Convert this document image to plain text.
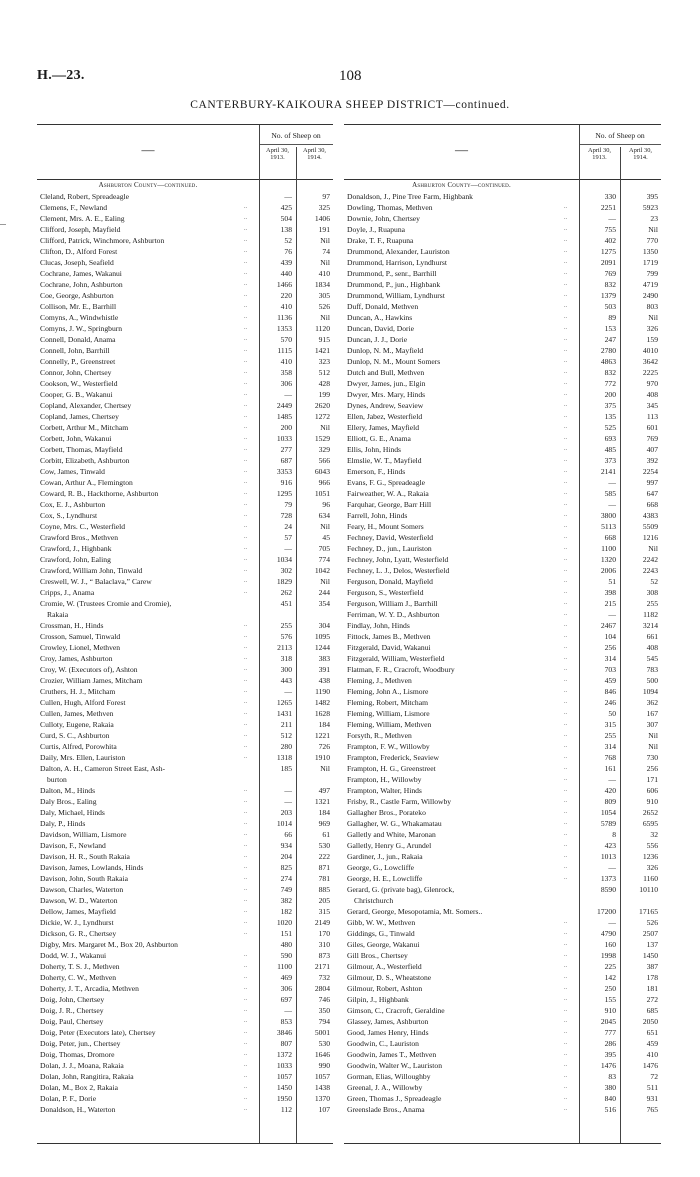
H.—23.	108
CANTERBURY-KAIKOURA SHEEP DISTRICT—continued.
—
No. of Sheep on
April 30,
1913.
April 30,
1914.
Ashburton County—continued.
Cleland, Robert, Spreadeagle	—	97
Clemens, F., Newland	..	425	325
Clement, Mrs. A. E., Ealing	..	504	1406
Clifford, Joseph, Mayfield	..	138	191
Clifford, Patrick, Winchmore, Ashburton	..	52	Nil
Clifton, D., Alford Forest	..	76	74
Clucas, Joseph, Seafield	..	439	Nil
Cochrane, James, Wakanui	..	440	410
Cochrane, John, Ashburton	..	1466	1834
Coe, George, Ashburton	..	220	305
Collison, Mr. E., Barrhill	..	410	526
Comyns, A., Windwhistle	..	1136	Nil
Comyns, J. W., Springburn	..	1353	1120
Connell, Donald, Anama	..	570	915
Connell, John, Barrhill	..	1115	1421
Connelly, P., Greenstreet	..	410	323
Connor, John, Chertsey	..	358	512
Cookson, W., Westerfield	..	306	428
Cooper, G. B., Wakanui	..	—	199
Copland, Alexander, Chertsey	..	2449	2620
Copland, James, Chertsey	..	1485	1272
Corbett, Arthur M., Mitcham	..	200	Nil
Corbett, John, Wakanui	..	1033	1529
Corbett, Thomas, Mayfield	..	277	329
Corbitt, Elizabeth, Ashburton	..	687	566
Cow, James, Tinwald	..	3353	6043
Cowan, Arthur A., Flemington	..	916	966
Coward, R. B., Hackthorne, Ashburton	..	1295	1051
Cox, E. J., Ashburton	..	79	96
Cox, S., Lyndhurst	..	728	634
Coyne, Mrs. C., Westerfield	..	24	Nil
Crawford Bros., Methven	..	57	45
Crawford, J., Highbank	..	—	705
Crawford, John, Ealing	..	1034	774
Crawford, William John, Tinwald	..	302	1042
Creswell, W. J., “ Balaclava,” Carew	..	1829	Nil
Cripps, J., Anama	..	262	244
Cromie, W. (Trustees Cromie and Cromie),	451	354
Rakaia
Crossman, H., Hinds	..	255	304
Crosson, Samuel, Tinwald	..	576	1095
Crowley, Lionel, Methven	..	2113	1244
Croy, James, Ashburton	..	318	383
Croy, W. (Executors of), Ashton	..	300	391
Crozier, William James, Mitcham	..	443	438
Cruthers, H. J., Mitcham	..	—	1190
Cullen, Hugh, Alford Forest	..	1265	1482
Cullen, James, Methven	..	1431	1628
Culloty, Eugene, Rakaia	..	211	184
Curd, S. C., Ashburton	..	512	1221
Curtis, Alfred, Porowhita	..	280	726
Daily, Mrs. Ellen, Lauriston	..	1318	1910
Dalton, A. H., Cameron Street East, Ash-	185	Nil
burton
Dalton, M., Hinds	..	—	497
Daly Bros., Ealing	..	—	1321
Daly, Michael, Hinds	..	203	184
Daly, P., Hinds	..	1014	969
Davidson, William, Lismore	..	66	61
Davison, F., Newland	..	934	530
Davison, H. R., South Rakaia	..	204	222
Davison, James, Lowlands, Hinds	..	825	871
Davison, John, South Rakaia	..	274	781
Dawson, Charles, Waterton	..	749	885
Dawson, W. D., Waterton	..	382	205
Dellow, James, Mayfield	..	182	315
Dickie, W. J., Lyndhurst	..	1020	2149
Dickson, G. R., Chertsey	..	151	170
Digby, Mrs. Margaret M., Box 20, Ashburton	480	310
Dodd, W. J., Wakanui	..	590	873
Doherty, T. S. J., Methven	..	1100	2171
Doherty, C. W., Methven	..	469	732
Doherty, J. T., Arcadia, Methven	..	306	2804
Doig, John, Chertsey	..	697	746
Doig, J. R., Chertsey	..	—	350
Doig, Paul, Chertsey	..	853	794
Doig, Peter (Executors late), Chertsey	..	3846	5001
Doig, Peter, jun., Chertsey	..	807	530
Doig, Thomas, Dromore	..	1372	1646
Dolan, J. J., Moana, Rakaia	..	1033	990
Dolan, John, Rangitira, Rakaia	..	1057	1057
Dolan, M., Box 2, Rakaia	..	1450	1438
Dolan, P. F., Dorie	..	1950	1370
Donaldson, H., Waterton	..	112	107
—
No. of Sheep on
April 30,
1913.
April 30,
1914.
Ashburton County—continued.
Donaldson, J., Pine Tree Farm, Highbank	330	395
Dowling, Thomas, Methven	..	2251	5923
Downie, John, Chertsey	..	—	23
Doyle, J., Ruapuna	..	755	Nil
Drake, T. F., Ruapuna	..	402	770
Drummond, Alexander, Lauriston	..	1275	1350
Drummond, Harrison, Lyndhurst	..	2091	1719
Drummond, P., senr., Barrhill	..	769	799
Drummond, P., jun., Highbank	..	832	4719
Drummond, William, Lyndhurst	..	1379	2490
Duff, Donald, Methven	..	503	803
Duncan, A., Hawkins	..	89	Nil
Duncan, David, Dorie	..	153	326
Duncan, J. J., Dorie	..	247	159
Dunlop, N. M., Mayfield	..	2780	4010
Dunlop, N. M., Mount Somers	..	4863	3642
Dutch and Bull, Methven	..	832	2225
Dwyer, James, jun., Elgin	..	772	970
Dwyer, Mrs. Mary, Hinds	..	200	408
Dynes, Andrew, Seaview	..	375	345
Ellen, Jabez, Westerfield	..	135	113
Ellery, James, Mayfield	..	525	601
Elliott, G. E., Anama	..	693	769
Ellis, John, Hinds	..	485	407
Elmslie, W. T., Mayfield	..	373	392
Emerson, F., Hinds	..	2141	2254
Evans, F. G., Spreadeagle	..	—	997
Fairweather, W. A., Rakaia	..	585	647
Farquhar, George, Barr Hill	..	—	668
Farrell, John, Hinds	..	3800	4383
Feary, H., Mount Somers	..	5113	5509
Fechney, David, Westerfield	..	668	1216
Fechney, D., jun., Lauriston	..	1100	Nil
Fechney, John, Lyatt, Westerfield	..	1320	2242
Fechney, L. J., Delos, Westerfield	..	2006	2243
Ferguson, Donald, Mayfield	..	51	52
Ferguson, S., Westerfield	..	398	308
Ferguson, William J., Barrhill	..	215	255
Ferriman, W. Y. D., Ashburton	..	—	1182
Findlay, John, Hinds	..	2467	3214
Fittock, James B., Methven	..	104	661
Fitzgerald, David, Wakanui	..	256	408
Fitzgerald, William, Westerfield	..	314	545
Flatman, F. R., Cracroft, Woodbury	..	703	783
Fleming, J., Methven	..	459	500
Fleming, John A., Lismore	..	846	1094
Fleming, Robert, Mitcham	..	246	362
Fleming, William, Lismore	..	50	167
Fleming, William, Methven	..	315	307
Forsyth, R., Methven	..	255	Nil
Frampton, F. W., Willowby	..	314	Nil
Frampton, Frederick, Seaview	..	768	730
Frampton, H. G., Greenstreet	..	161	256
Frampton, H., Willowby	..	—	171
Frampton, Walter, Hinds	..	420	606
Frisby, R., Castle Farm, Willowby	..	809	910
Gallagher Bros., Porateko	..	1054	2652
Gallagher, W. G., Whakamatau	..	5789	6595
Galletly and White, Maronan	..	8	32
Galletly, Henry G., Arundel	..	423	556
Gardiner, J., jun., Rakaia	..	1013	1236
George, G., Lowcliffe	..	—	326
George, H. E., Lowcliffe	..	1373	1160
Gerard, G. (private bag), Glenrock,	8590	10110
Christchurch
Gerard, George, Mesopotamia, Mt. Somers..	17200	17165
Gibb, W. W., Methven	..	—	526
Giddings, G., Tinwald	..	4790	2507
Giles, George, Wakanui	..	160	137
Gill Bros., Chertsey	..	1998	1450
Gilmour, A., Westerfield	..	225	387
Gilmour, D. S., Wheatstone	..	142	178
Gilmour, Robert, Ashton	..	250	181
Gilpin, J., Highbank	..	155	272
Gimson, C., Cracroft, Geraldine	..	910	685
Glassey, James, Ashburton	..	2045	2050
Good, James Henry, Hinds	..	777	651
Goodwin, C., Lauriston	..	286	459
Goodwin, James T., Methven	..	395	410
Goodwin, Walter W., Lauriston	..	1476	1476
Gorman, Elias, Willoughby	..	83	72
Greenal, J. A., Willowby	..	380	511
Green, Thomas J., Spreadeagle	..	840	931
Greenslade Bros., Anama	..	516	765
